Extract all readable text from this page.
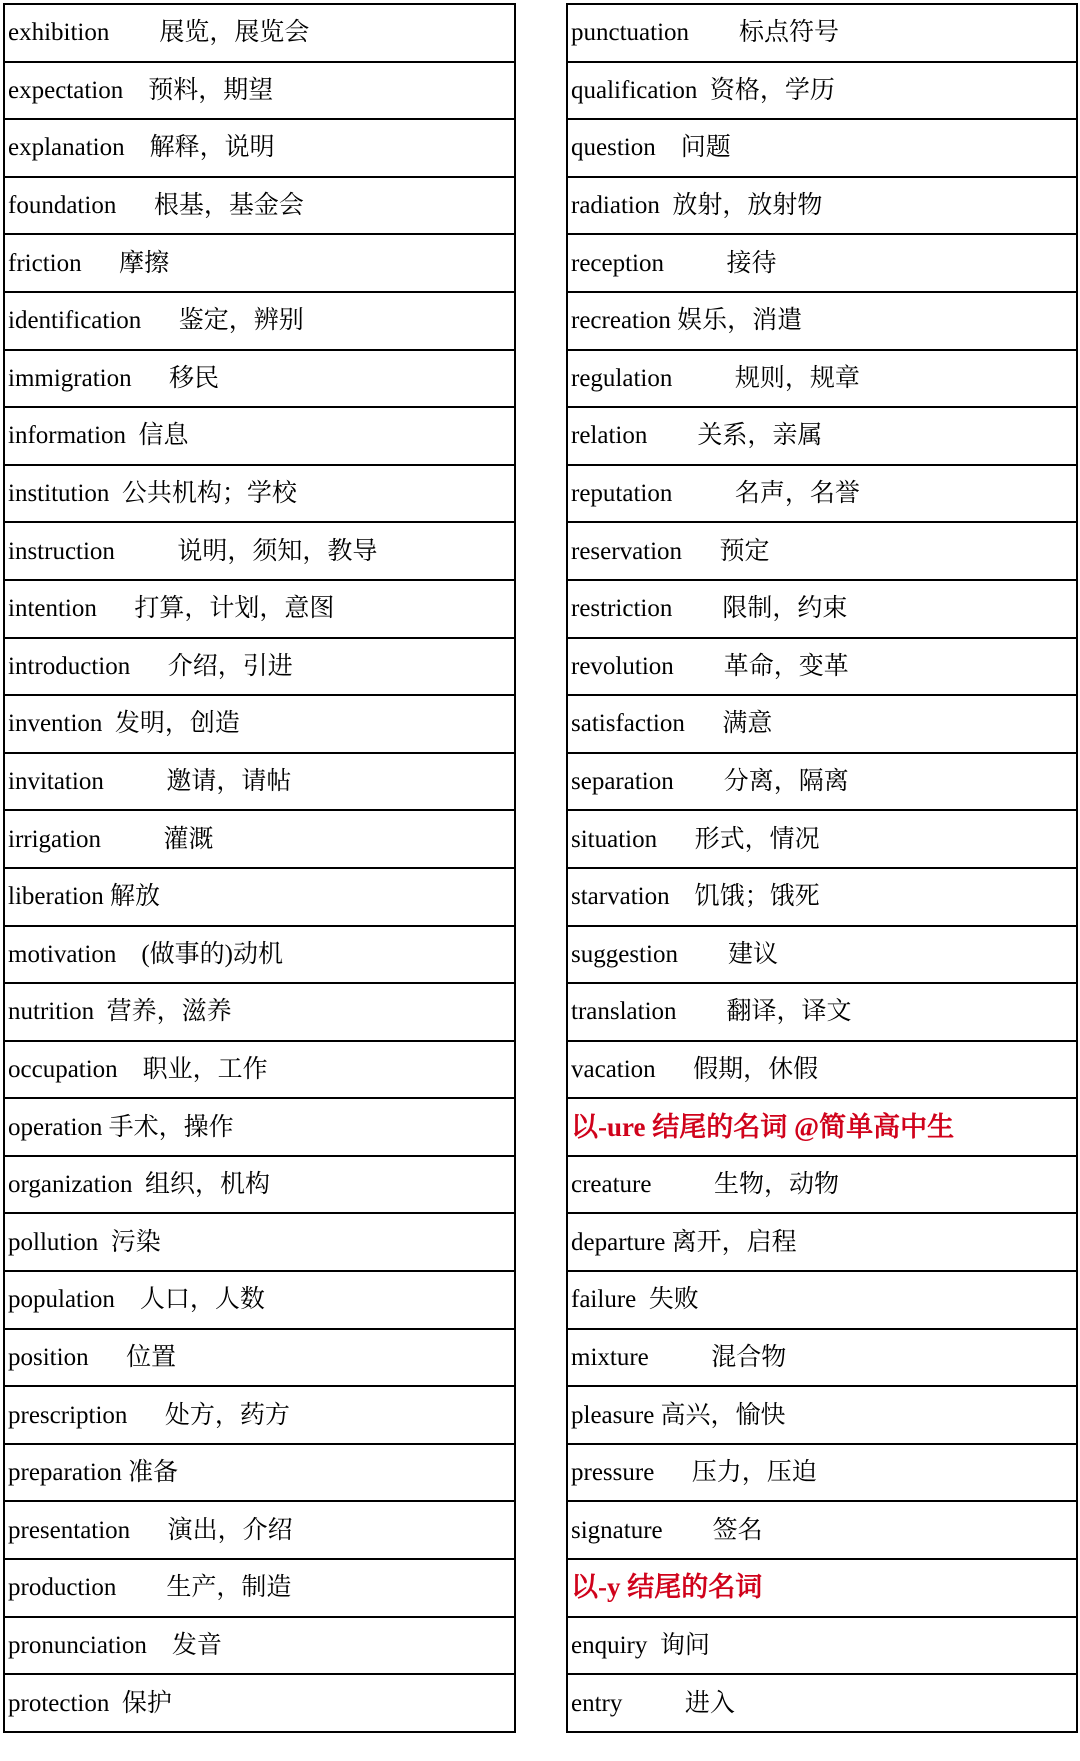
exhibition        展览，展览会
expectation    预料，期望
explanation    解释，说明
foundation      根基，基金会
friction      摩擦
identification      鉴定，辨别
immigration      移民
information  信息
institution  公共机构；学校
instruction          说明，须知，教导
intention      打算，计划，意图
introduction      介绍，引进
invention  发明，创造
invitation          邀请，请帖
irrigation          灌溉
liberation 解放
motivation    (做事的)动机
nutrition  营养，滋养
occupation    职业，工作
operation 手术，操作
organization  组织，机构
pollution  污染
population    人口，人数
position      位置
prescription      处方，药方
preparation 准备
presentation      演出，介绍
production        生产，制造
pronunciation    发音
protection  保护
punctuation        标点符号
qualification  资格，学历
question    问题
radiation  放射，放射物
reception          接待
recreation 娱乐，消遣
regulation          规则，规章
relation        关系，亲属
reputation          名声，名誉
reservation      预定
restriction        限制，约束
revolution        革命，变革
satisfaction      满意
separation        分离，隔离
situation      形式，情况
starvation    饥饿；饿死
suggestion        建议
translation        翻译，译文
vacation      假期，休假
以-ure 结尾的名词 @简单高中生
creature          生物，动物
departure 离开，启程
failure  失败
mixture          混合物
pleasure 高兴，愉快
pressure      压力，压迫
signature        签名
以-y 结尾的名词
enquiry  询问
entry          进入
